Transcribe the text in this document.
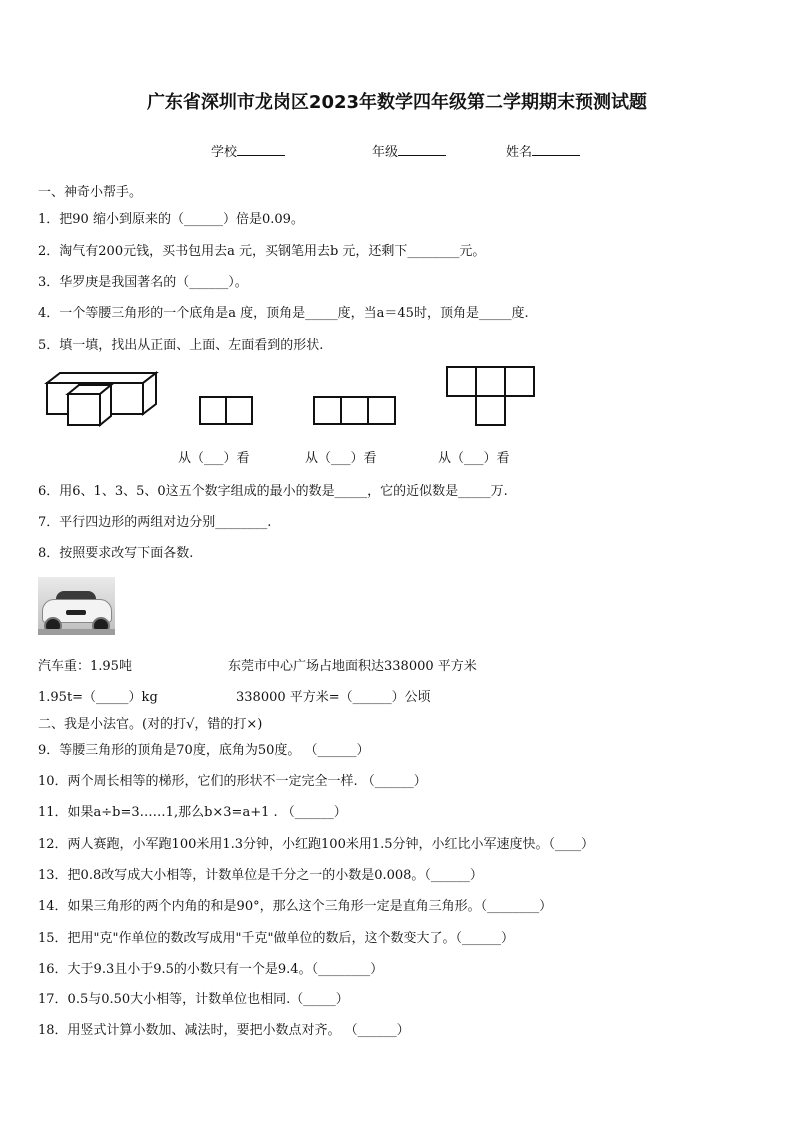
广东省深圳市龙岗区2023年数学四年级第二学期期末预测试题
学校	年级	姓名
一、神奇小帮手。
1．把90 缩小到原来的（______）倍是0.09。
2．淘气有200元钱，买书包用去a 元，买钢笔用去b 元，还剩下________元。
3．华罗庚是我国著名的（______）。
4．一个等腰三角形的一个底角是a 度，顶角是_____度，当a＝45时，顶角是_____度.
5．填一填，找出从正面、上面、左面看到的形状.
从（___）看	从（___）看	从（___）看
6．用6、1、3、5、0这五个数字组成的最小的数是_____，它的近似数是_____万.
7．平行四边形的两组对边分别________.
8．按照要求改写下面各数.
汽车重：1.95吨	东莞市中心广场占地面积达338000 平方米
1.95t=（_____）kg	338000 平方米=（______）公顷
二、我是小法官。(对的打√，错的打×)
9．等腰三角形的顶角是70度，底角为50度。 （______）
10．两个周长相等的梯形，它们的形状不一定完全一样. （______）
11．如果a÷b=3……1,那么b×3=a+1 . （______）
12．两人赛跑，小军跑100米用1.3分钟，小红跑100米用1.5分钟，小红比小军速度快。（____）
13．把0.8改写成大小相等，计数单位是千分之一的小数是0.008。（______）
14．如果三角形的两个内角的和是90°，那么这个三角形一定是直角三角形。（________）
15．把用"克"作单位的数改写成用"千克"做单位的数后，这个数变大了。（______）
16．大于9.3且小于9.5的小数只有一个是9.4。（________）
17．0.5与0.50大小相等，计数单位也相同.（_____）
18．用竖式计算小数加、减法时，要把小数点对齐。 （______）
